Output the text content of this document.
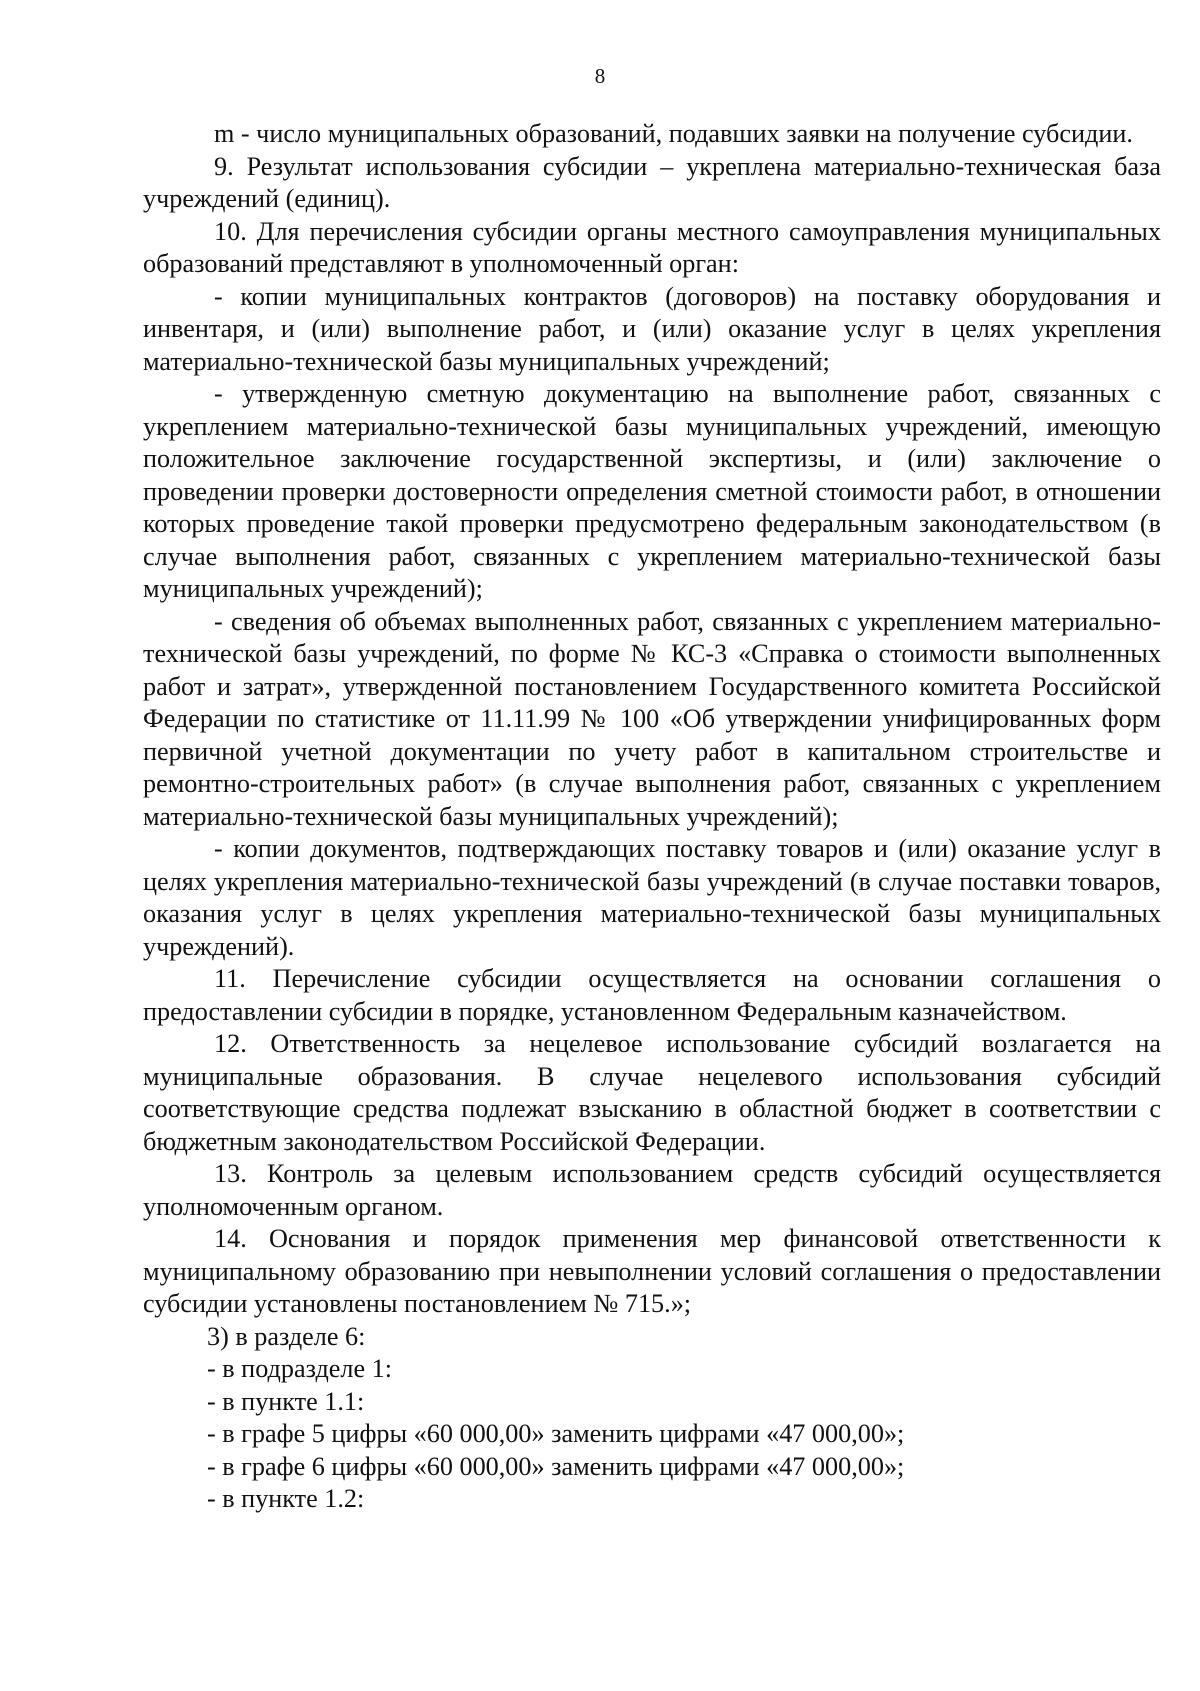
8

m - число муниципальных образований, подавших заявки на получение субсидии.

9. Результат использования субсидии – укреплена материально-техническая база учреждений (единиц).

10. Для перечисления субсидии органы местного самоуправления муниципальных образований представляют в уполномоченный орган:

- копии муниципальных контрактов (договоров) на поставку оборудования и инвентаря, и (или) выполнение работ, и (или) оказание услуг в целях укрепления материально-технической базы муниципальных учреждений;

- утвержденную сметную документацию на выполнение работ, связанных с укреплением материально-технической базы муниципальных учреждений, имеющую положительное заключение государственной экспертизы, и (или) заключение о проведении проверки достоверности определения сметной стоимости работ, в отношении которых проведение такой проверки предусмотрено федеральным законодательством (в случае выполнения работ, связанных с укреплением материально-технической базы муниципальных учреждений);

- сведения об объемах выполненных работ, связанных с укреплением материально-технической базы учреждений, по форме № КС-3 «Справка о стоимости выполненных работ и затрат», утвержденной постановлением Государственного комитета Российской Федерации по статистике от 11.11.99 № 100 «Об утверждении унифицированных форм первичной учетной документации по учету работ в капитальном строительстве и ремонтно-строительных работ» (в случае выполнения работ, связанных с укреплением материально-технической базы муниципальных учреждений);

- копии документов, подтверждающих поставку товаров и (или) оказание услуг в целях укрепления материально-технической базы учреждений (в случае поставки товаров, оказания услуг в целях укрепления материально-технической базы муниципальных учреждений).

11. Перечисление субсидии осуществляется на основании соглашения о предоставлении субсидии в порядке, установленном Федеральным казначейством.

12. Ответственность за нецелевое использование субсидий возлагается на муниципальные образования. В случае нецелевого использования субсидий соответствующие средства подлежат взысканию в областной бюджет в соответствии с бюджетным законодательством Российской Федерации.

13. Контроль за целевым использованием средств субсидий осуществляется уполномоченным органом.

14. Основания и порядок применения мер финансовой ответственности к муниципальному образованию при невыполнении условий соглашения о предоставлении субсидии установлены постановлением № 715.»;

3) в разделе 6:

- в подразделе 1:

- в пункте 1.1:

- в графе 5 цифры «60 000,00» заменить цифрами «47 000,00»;

- в графе 6 цифры «60 000,00» заменить цифрами «47 000,00»;

- в пункте 1.2:
